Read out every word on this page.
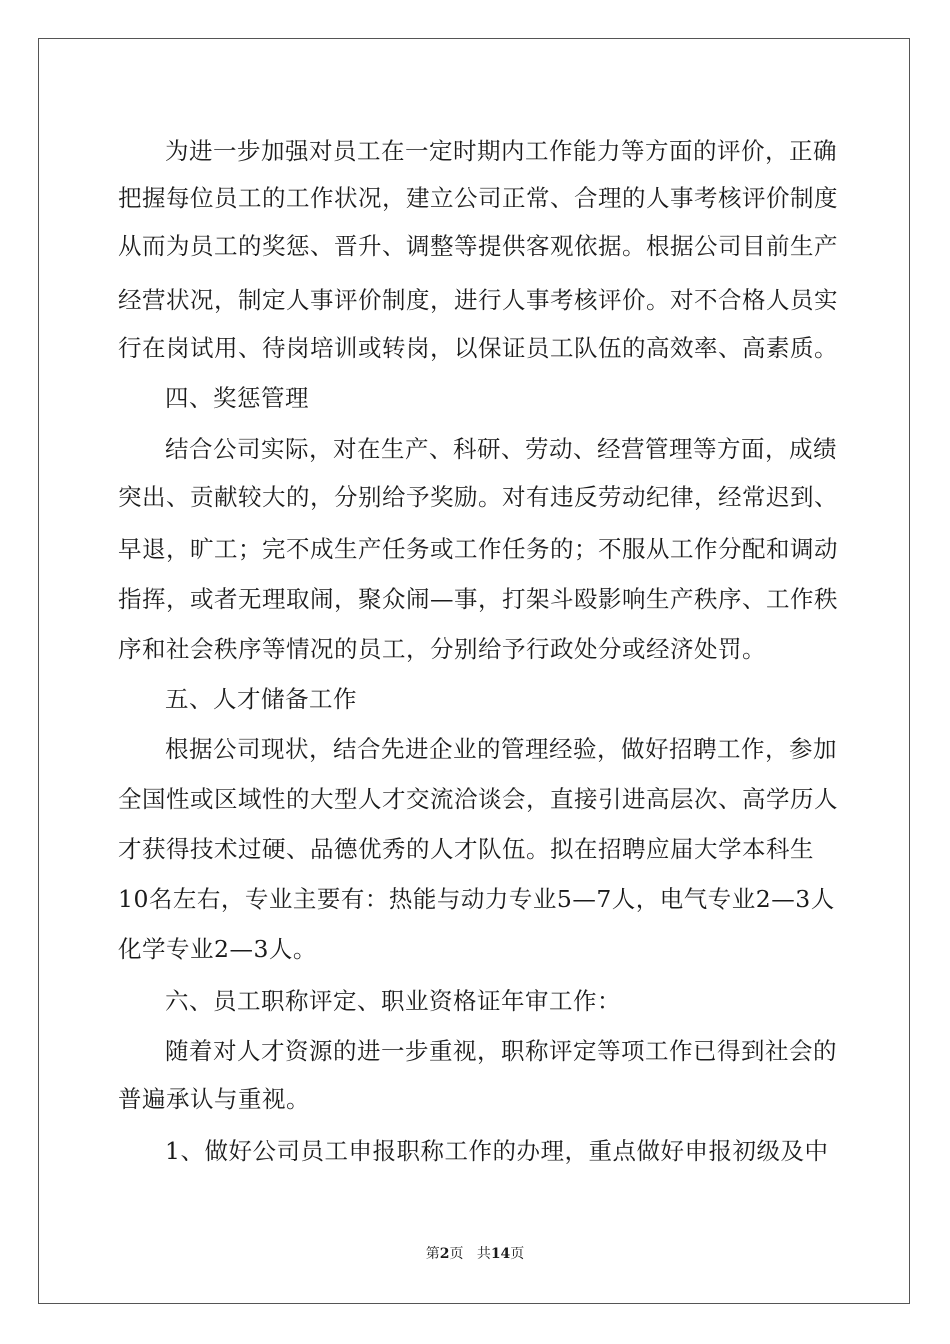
为进一步加强对员工在一定时期内工作能力等方面的评价，正确
把握每位员工的工作状况，建立公司正常、合理的人事考核评价制度
从而为员工的奖惩、晋升、调整等提供客观依据。根据公司目前生产
经营状况，制定人事评价制度，进行人事考核评价。对不合格人员实
行在岗试用、待岗培训或转岗，以保证员工队伍的高效率、高素质。
四、奖惩管理
结合公司实际，对在生产、科研、劳动、经营管理等方面，成绩
突出、贡献较大的，分别给予奖励。对有违反劳动纪律，经常迟到、
早退，旷工；完不成生产任务或工作任务的；不服从工作分配和调动
指挥，或者无理取闹，聚众闹—事，打架斗殴影响生产秩序、工作秩
序和社会秩序等情况的员工，分别给予行政处分或经济处罚。
五、人才储备工作
根据公司现状，结合先进企业的管理经验，做好招聘工作，参加
全国性或区域性的大型人才交流洽谈会，直接引进高层次、高学历人
才获得技术过硬、品德优秀的人才队伍。拟在招聘应届大学本科生
10名左右，专业主要有：热能与动力专业5—7人，电气专业2—3人
化学专业2—3人。
六、员工职称评定、职业资格证年审工作：
随着对人才资源的进一步重视，职称评定等项工作已得到社会的
普遍承认与重视。
1、做好公司员工申报职称工作的办理，重点做好申报初级及中
第2页 共14页
